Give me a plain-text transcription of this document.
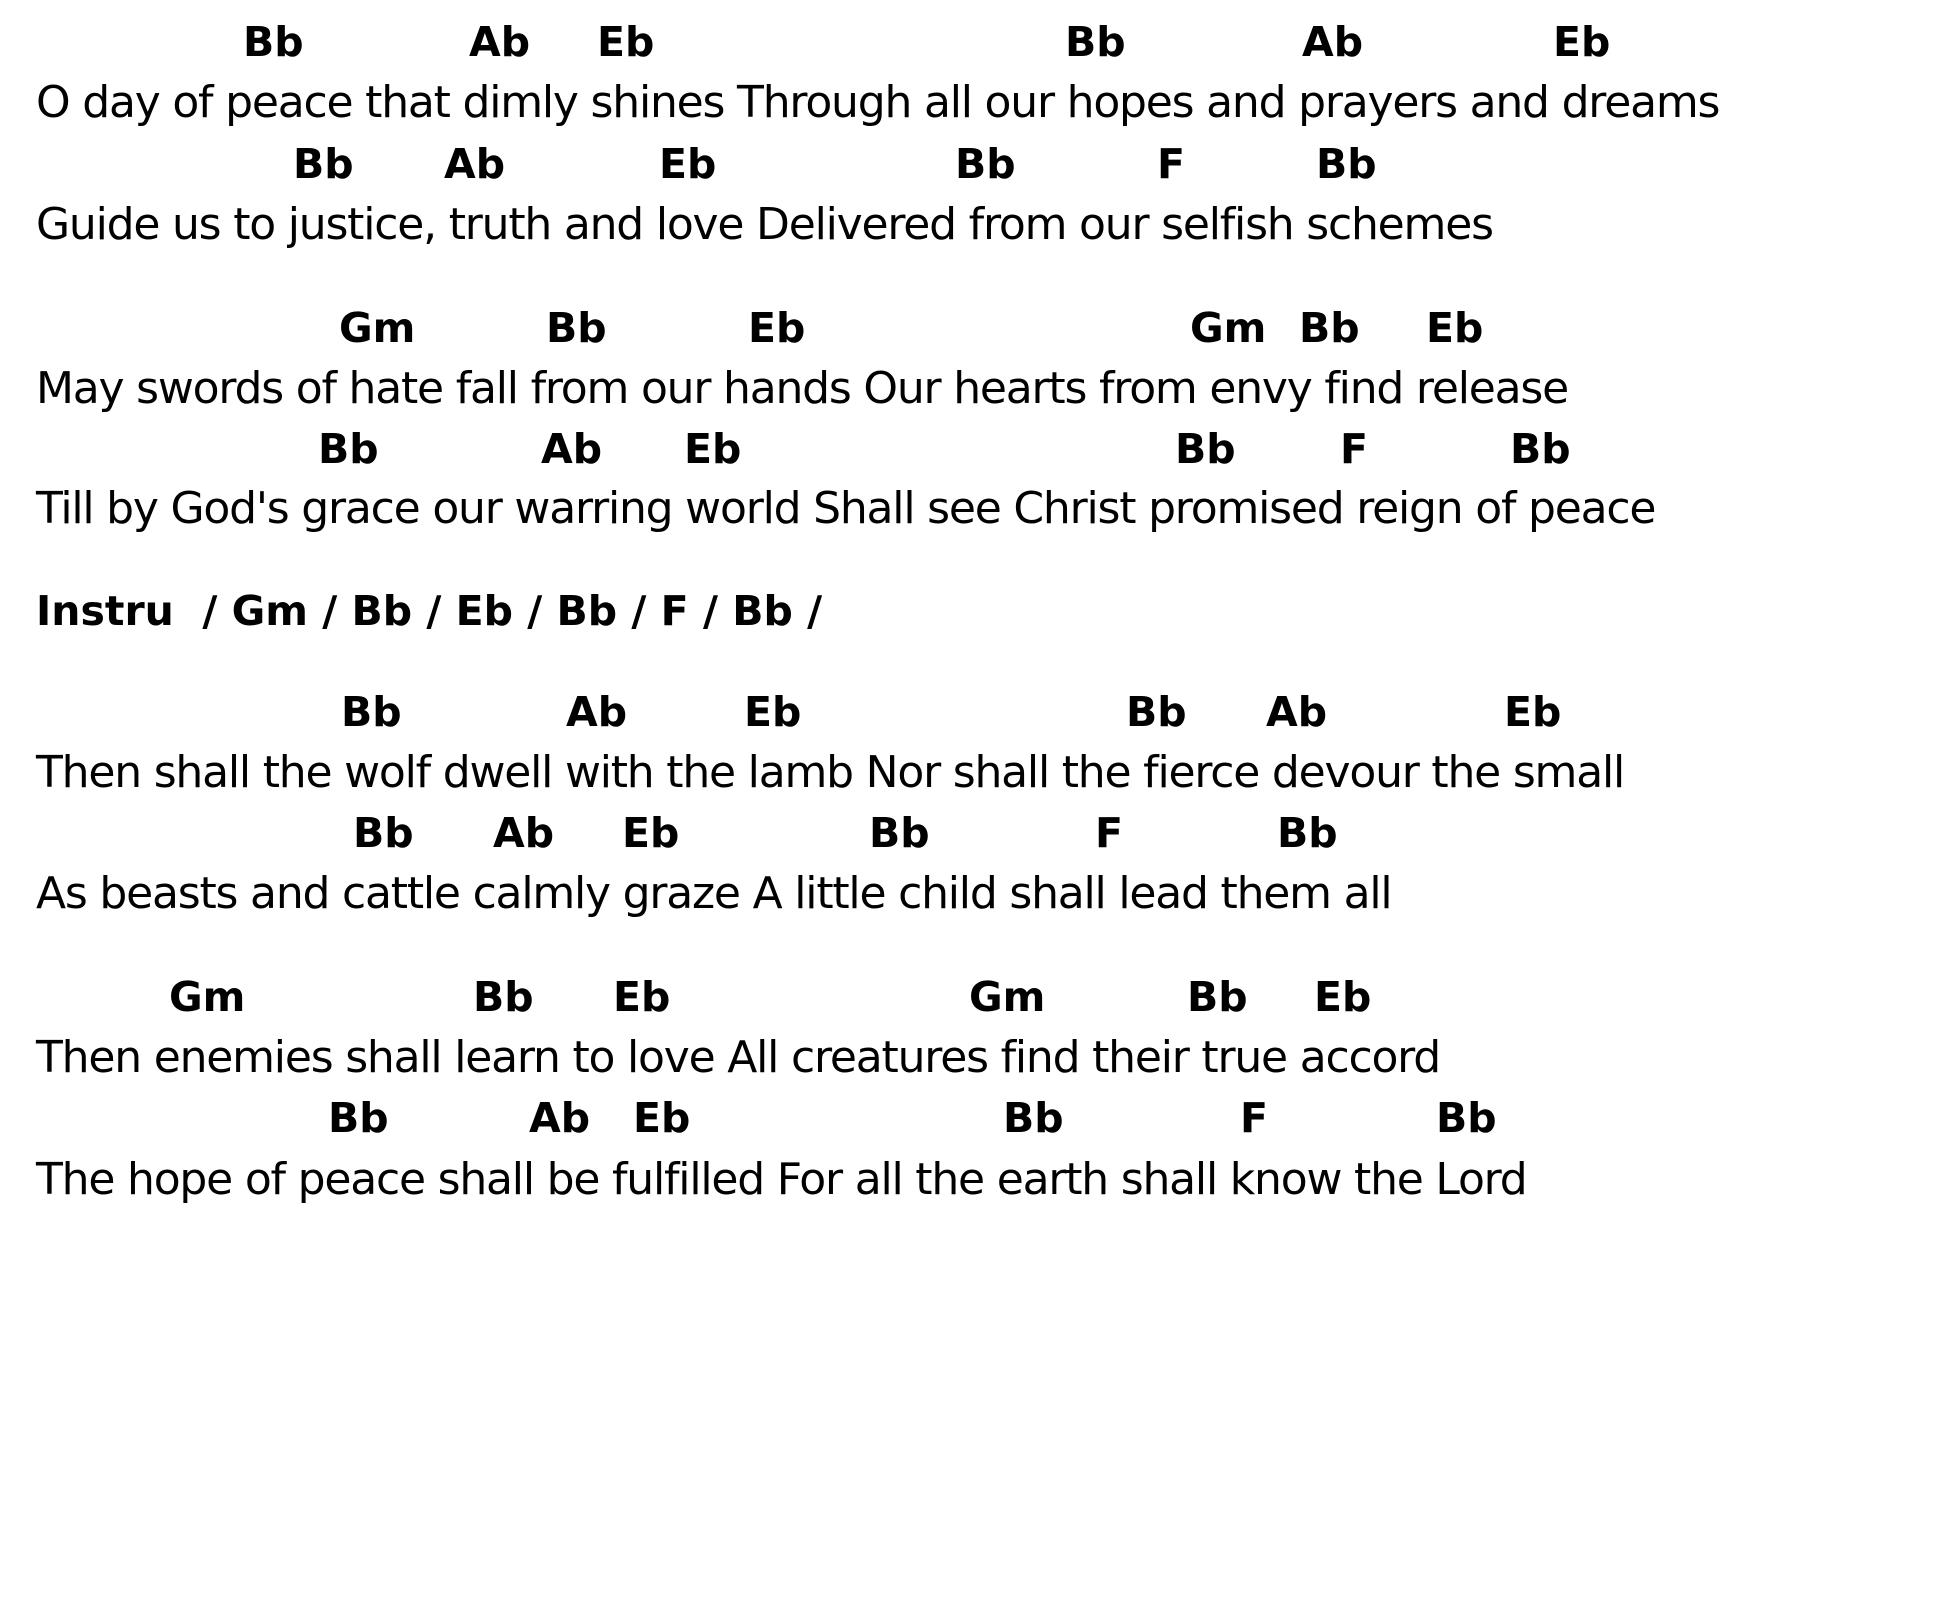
Bb	Ab Eb	Bb	Ab	Eb
O day of peace that dimly shines Through all our hopes and prayers and dreams
Bb Ab	Eb	Bb	F	Bb
Guide us to justice, truth and love Delivered from our selfish schemes
Gm	Bb	Eb	Gm Bb Eb
May swords of hate fall from our hands Our hearts from envy find release
Bb	Ab Eb	Bb	F	Bb
Till by God's grace our warring world Shall see Christ promised reign of peace
Instru  / Gm / Bb / Eb / Bb / F / Bb /
Bb	Ab	Eb	Bb Ab	Eb
Then shall the wolf dwell with the lamb Nor shall the fierce devour the small
Bb Ab Eb	Bb	F	Bb
As beasts and cattle calmly graze A little child shall lead them all
Gm	Bb Eb	Gm	Bb Eb
Then enemies shall learn to love All creatures find their true accord
Bb	Ab Eb	Bb	F	Bb
The hope of peace shall be fulfilled For all the earth shall know the Lord
